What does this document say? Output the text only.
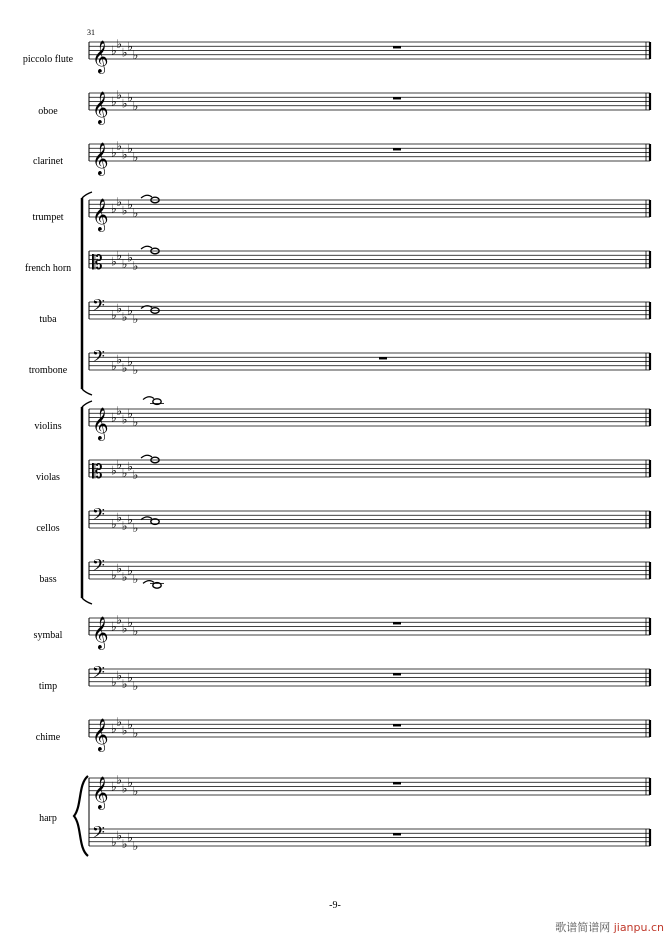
31
𝄞 ♭ ♭
♭ ♭
♭
𝄞 ♭ ♭
♭ ♭
♭
𝄞 ♭ ♭
♭ ♭
♭
𝄞 ♭ ♭
♭ ♭
♭
𝄡 ♭ ♭
♭ ♭
♭
𝄢 ♭ ♭
♭ ♭
♭
𝄢 ♭ ♭
♭ ♭
♭
𝄞 ♭ ♭
♭ ♭
♭
𝄡 ♭ ♭
♭ ♭
♭
𝄢 ♭ ♭
♭ ♭
♭
𝄢 ♭ ♭
♭ ♭
♭
𝄞 ♭ ♭
♭ ♭
♭
𝄢 ♭ ♭
♭ ♭
♭
𝄞 ♭ ♭
♭ ♭
♭
𝄞 ♭ ♭
♭ ♭
♭
𝄢 ♭ ♭
♭ ♭
♭
piccolo flute
oboe
clarinet
trumpet
french horn
tuba
trombone
violins
violas
cellos
bass
symbal
timp
chime
harp
-9-
歌谱简谱网 jianpu.cn
